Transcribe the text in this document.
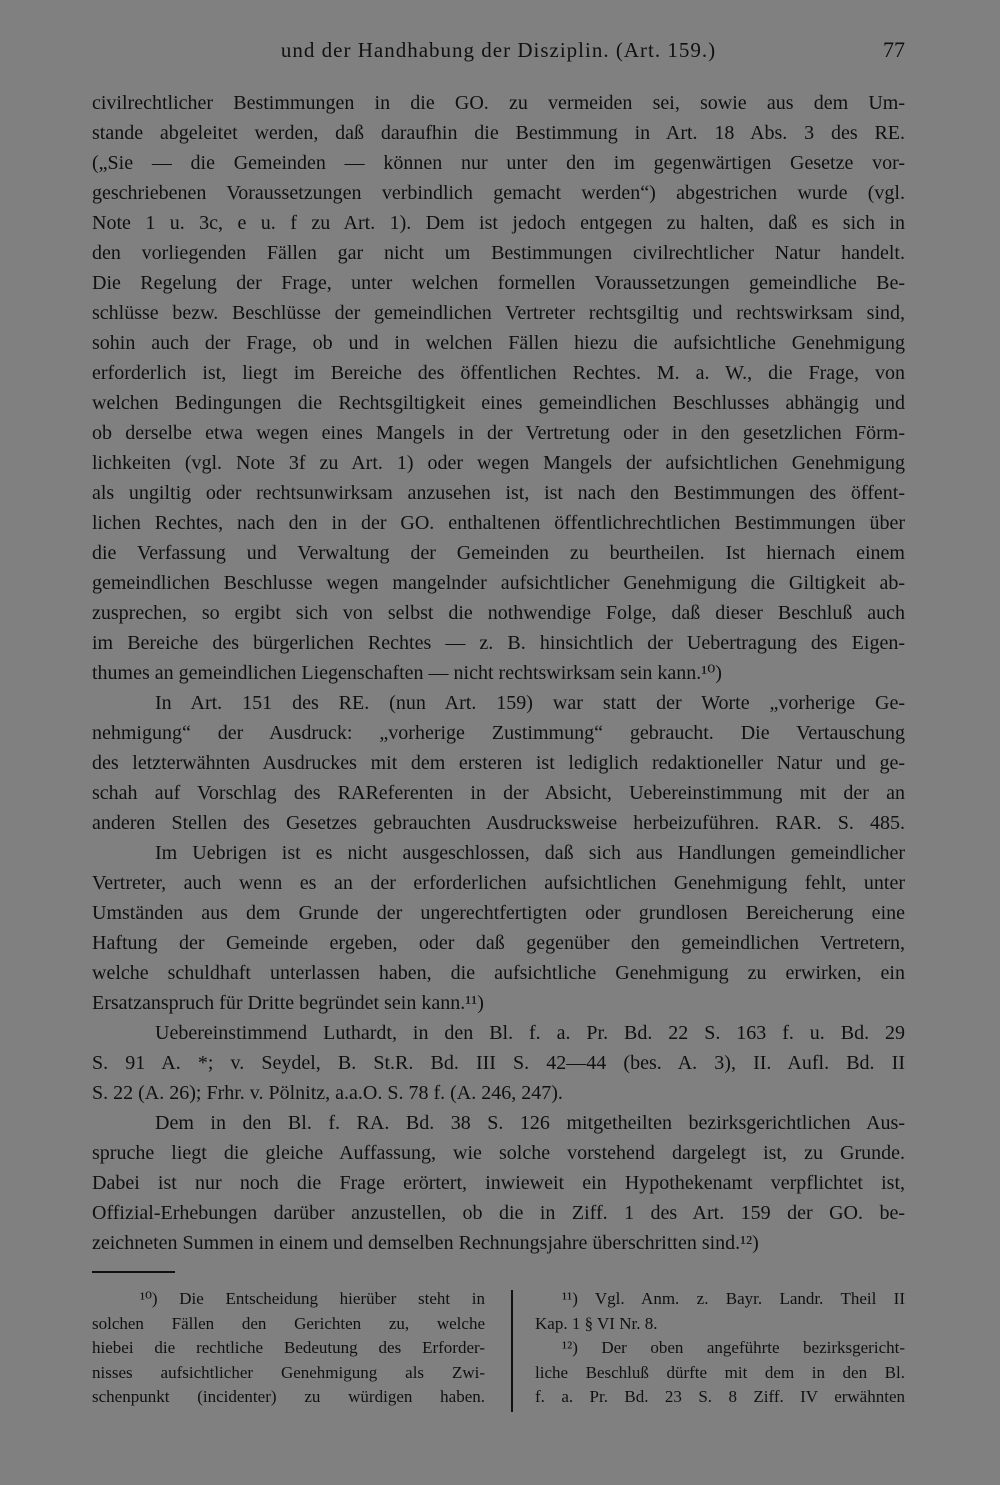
und der Handhabung der Disziplin. (Art. 159.)	77
civilrechtlicher Bestimmungen in die GO. zu vermeiden sei, sowie aus dem Um-
stande abgeleitet werden, daß daraufhin die Bestimmung in Art. 18 Abs. 3 des RE.
(„Sie — die Gemeinden — können nur unter den im gegenwärtigen Gesetze vor-
geschriebenen Voraussetzungen verbindlich gemacht werden“) abgestrichen wurde (vgl.
Note 1 u. 3c, e u. f zu Art. 1). Dem ist jedoch entgegen zu halten, daß es sich in
den vorliegenden Fällen gar nicht um Bestimmungen civilrechtlicher Natur handelt.
Die Regelung der Frage, unter welchen formellen Voraussetzungen gemeindliche Be-
schlüsse bezw. Beschlüsse der gemeindlichen Vertreter rechtsgiltig und rechtswirksam sind,
sohin auch der Frage, ob und in welchen Fällen hiezu die aufsichtliche Genehmigung
erforderlich ist, liegt im Bereiche des öffentlichen Rechtes. M. a. W., die Frage, von
welchen Bedingungen die Rechtsgiltigkeit eines gemeindlichen Beschlusses abhängig und
ob derselbe etwa wegen eines Mangels in der Vertretung oder in den gesetzlichen Förm-
lichkeiten (vgl. Note 3f zu Art. 1) oder wegen Mangels der aufsichtlichen Genehmigung
als ungiltig oder rechtsunwirksam anzusehen ist, ist nach den Bestimmungen des öffent-
lichen Rechtes, nach den in der GO. enthaltenen öffentlichrechtlichen Bestimmungen über
die Verfassung und Verwaltung der Gemeinden zu beurtheilen. Ist hiernach einem
gemeindlichen Beschlusse wegen mangelnder aufsichtlicher Genehmigung die Giltigkeit ab-
zusprechen, so ergibt sich von selbst die nothwendige Folge, daß dieser Beschluß auch
im Bereiche des bürgerlichen Rechtes — z. B. hinsichtlich der Uebertragung des Eigen-
thumes an gemeindlichen Liegenschaften — nicht rechtswirksam sein kann.¹⁰)
In Art. 151 des RE. (nun Art. 159) war statt der Worte „vorherige Ge-
nehmigung“ der Ausdruck: „vorherige Zustimmung“ gebraucht. Die Vertauschung
des letzterwähnten Ausdruckes mit dem ersteren ist lediglich redaktioneller Natur und ge-
schah auf Vorschlag des RAReferenten in der Absicht, Uebereinstimmung mit der an
anderen Stellen des Gesetzes gebrauchten Ausdrucksweise herbeizuführen. RAR. S. 485.
Im Uebrigen ist es nicht ausgeschlossen, daß sich aus Handlungen gemeindlicher
Vertreter, auch wenn es an der erforderlichen aufsichtlichen Genehmigung fehlt, unter
Umständen aus dem Grunde der ungerechtfertigten oder grundlosen Bereicherung eine
Haftung der Gemeinde ergeben, oder daß gegenüber den gemeindlichen Vertretern,
welche schuldhaft unterlassen haben, die aufsichtliche Genehmigung zu erwirken, ein
Ersatzanspruch für Dritte begründet sein kann.¹¹)
Uebereinstimmend Luthardt, in den Bl. f. a. Pr. Bd. 22 S. 163 f. u. Bd. 29
S. 91 A. *; v. Seydel, B. St.R. Bd. III S. 42—44 (bes. A. 3), II. Aufl. Bd. II
S. 22 (A. 26); Frhr. v. Pölnitz, a.a.O. S. 78 f. (A. 246, 247).
Dem in den Bl. f. RA. Bd. 38 S. 126 mitgetheilten bezirksgerichtlichen Aus-
spruche liegt die gleiche Auffassung, wie solche vorstehend dargelegt ist, zu Grunde.
Dabei ist nur noch die Frage erörtert, inwieweit ein Hypothekenamt verpflichtet ist,
Offizial-Erhebungen darüber anzustellen, ob die in Ziff. 1 des Art. 159 der GO. be-
zeichneten Summen in einem und demselben Rechnungsjahre überschritten sind.¹²)
¹⁰) Die Entscheidung hierüber steht in
solchen Fällen den Gerichten zu, welche
hiebei die rechtliche Bedeutung des Erforder-
nisses aufsichtlicher Genehmigung als Zwi-
schenpunkt (incidenter) zu würdigen haben.
¹¹) Vgl. Anm. z. Bayr. Landr. Theil II
Kap. 1 § VI Nr. 8.
¹²) Der oben angeführte bezirksgericht-
liche Beschluß dürfte mit dem in den Bl.
f. a. Pr. Bd. 23 S. 8 Ziff. IV erwähnten
